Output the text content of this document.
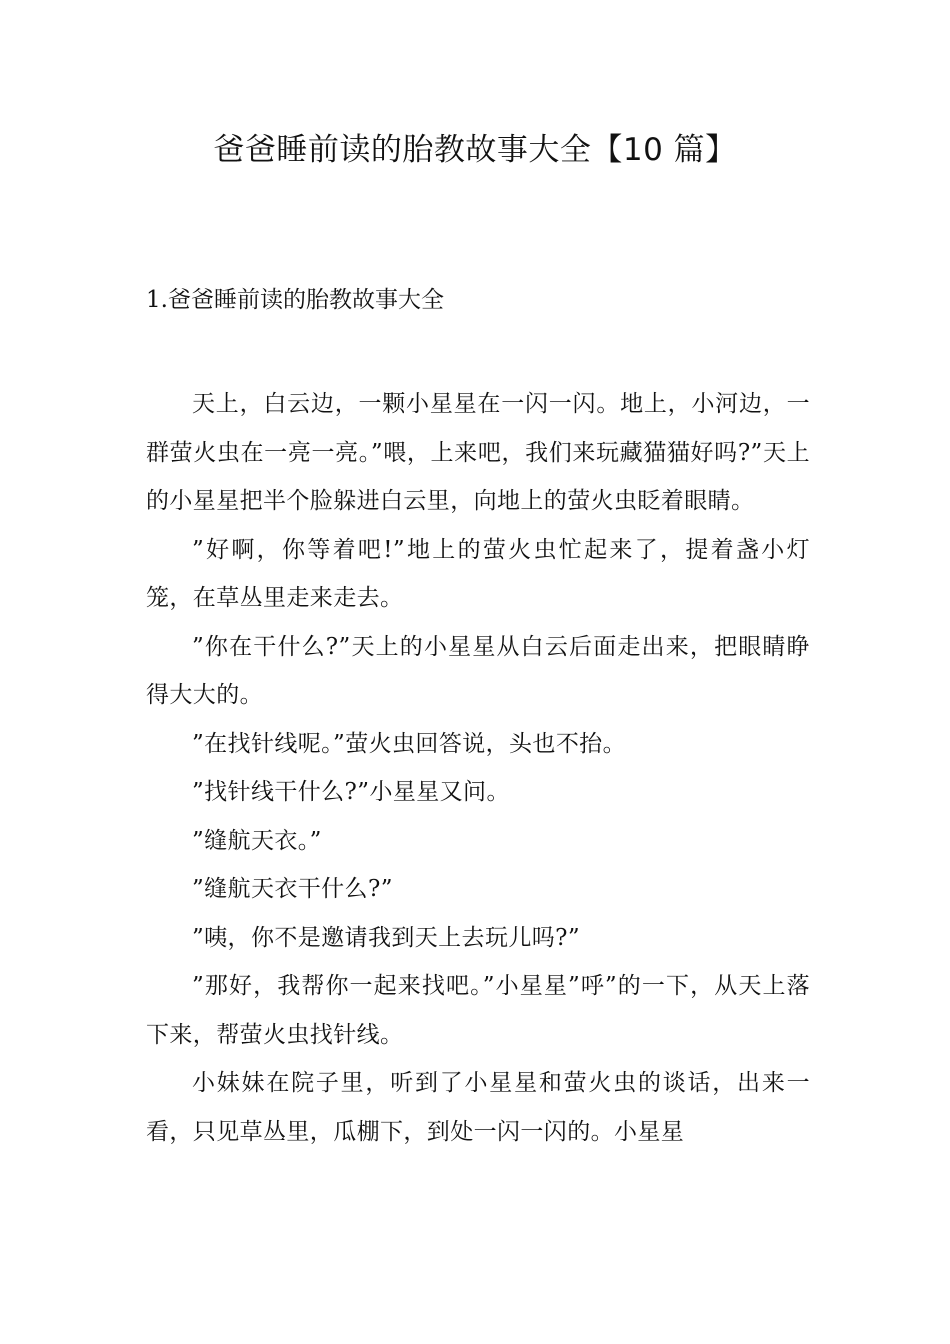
爸爸睡前读的胎教故事大全【10 篇】
1.爸爸睡前读的胎教故事大全

天上，白云边，一颗小星星在一闪一闪。地上，小河边，一群萤火虫在一亮一亮。”喂，上来吧，我们来玩藏猫猫好吗?”天上的小星星把半个脸躲进白云里，向地上的萤火虫眨着眼睛。

”好啊，你等着吧!”地上的萤火虫忙起来了，提着盏小灯笼，在草丛里走来走去。

”你在干什么?”天上的小星星从白云后面走出来，把眼睛睁得大大的。

”在找针线呢。”萤火虫回答说，头也不抬。

”找针线干什么?”小星星又问。

”缝航天衣。”

”缝航天衣干什么?”

”咦，你不是邀请我到天上去玩儿吗?”

”那好，我帮你一起来找吧。”小星星”呼”的一下，从天上落下来，帮萤火虫找针线。

小妹妹在院子里，听到了小星星和萤火虫的谈话，出来一看，只见草丛里，瓜棚下，到处一闪一闪的。小星星
